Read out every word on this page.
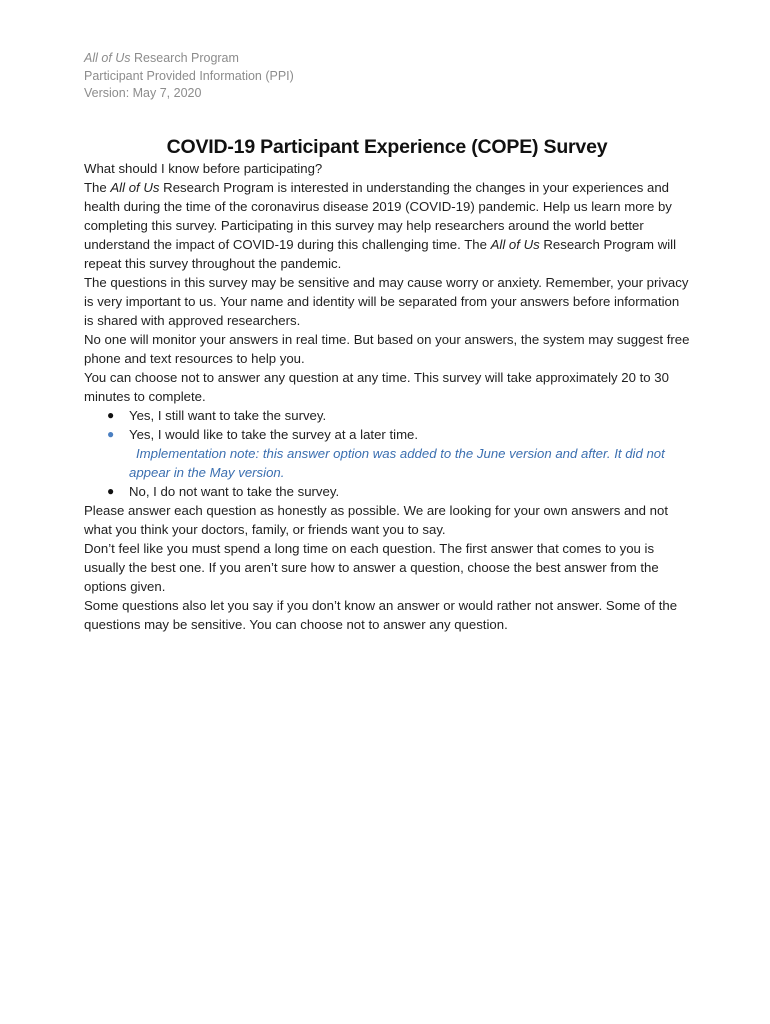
All of Us Research Program
Participant Provided Information (PPI)
Version: May 7, 2020
COVID-19 Participant Experience (COPE) Survey

What should I know before participating?

The All of Us Research Program is interested in understanding the changes in your experiences and health during the time of the coronavirus disease 2019 (COVID-19) pandemic. Help us learn more by completing this survey. Participating in this survey may help researchers around the world better understand the impact of COVID-19 during this challenging time. The All of Us Research Program will repeat this survey throughout the pandemic.

The questions in this survey may be sensitive and may cause worry or anxiety. Remember, your privacy is very important to us. Your name and identity will be separated from your answers before information is shared with approved researchers.

No one will monitor your answers in real time. But based on your answers, the system may suggest free phone and text resources to help you.

You can choose not to answer any question at any time. This survey will take approximately 20 to 30 minutes to complete.

● Yes, I still want to take the survey.
● Yes, I would like to take the survey at a later time.
Implementation note: this answer option was added to the June version and after. It did not appear in the May version.
● No, I do not want to take the survey.

Please answer each question as honestly as possible. We are looking for your own answers and not what you think your doctors, family, or friends want you to say.

Don’t feel like you must spend a long time on each question. The first answer that comes to you is usually the best one. If you aren’t sure how to answer a question, choose the best answer from the options given.

Some questions also let you say if you don’t know an answer or would rather not answer. Some of the questions may be sensitive. You can choose not to answer any question.
